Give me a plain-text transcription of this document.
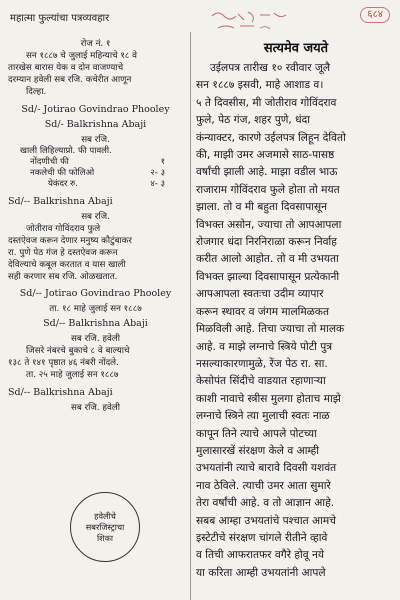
महात्मा फुल्यांचा पत्रव्यवहार	६८४
रोज नं. १
सन १८८७ चे जुलाई महिन्याचे १८ वे
तारखेस बारास येक व दोन वाजण्याचे
दरम्यान हवेली सब रजि. कचेरीत आणून
दिल्हा.
Sd/- Jotirao Govindrao Phooley
Sd/- Balkrishna Abaji
सब रजि.
खाली लिहिल्याप्रो. फी पावली.	
नोंदणीची फी	१
नकलेची फी फोलिओ	२- ३
येकंदर रु.	४- ३
Sd/-- Balkrishna Abaji
सब रजि.
जोतीराव गोविंदराव फुले
दस्तऐवज करून देणार मनुष्य कौटुंबाकर
रा. पुणे पेठ गंज हे दस्तऐवज करून
देविल्याचे कबूल करतात व यास खाली
सही करणार सब रजि. ओळखतात.
Sd/-- Jotirao Govindrao Phooley
ता. १८ माहे जुलाई सन १८८७
Sd/-- Balkrishna Abaji
सब रजि. हवेली
जिसरे नंबरचे बुकाचे ८ वे बाल्याचे
१३८ ते १४१ पृष्ठात ४६ नंबरी नोंदले.
ता. २५ माहे जुलाई सन १८८७
Sd/-- Balkrishna Abaji
सब रजि. हवेली
हवेलीचे
सबरजिस्ट्राचा
शिका
सत्यमेव जयते
उईलपत्र तारीख १० रवीवार जूलै
सन १८८७ इसवी, माहे आशाड व।
५ ते दिवसीस, मी जोतीराव गोविंदराव
फुले, पेठ गंज, शहर पुणे, धंदा
कंन्याक्टर, कारणे उईलपत्र लिहून देवितो
की, माझी उमर अजमासे साठ-पासष्ठ
वर्षांची झाली आहे. माझा वडील भाऊ
राजाराम गोविंदराव फुले होता तो मयत
झाला. तो व मी बहुता दिवसापासून
विभक्त असोन, ज्याचा तो आपआपला
रोजगार धंदा निरनिराळा करून निर्वाह
करीत आलो आहोत. तो व मी उभयता
विभक्त झाल्या दिवसापासून प्रत्येकानी
आपआपला स्वतःचा उदीम व्यापार
करून स्थावर व जंगम मालमिळकत
मिळविली आहे. तिचा ज्याचा तो मालक
आहे. व माझे लग्नाचे स्त्रिये पोटी पुत्र
नसल्याकारणामुळे, रेंज पेठ रा. सा.
केसोपंत सिंदीचे वाडयात रहाणाऱ्या
काशी नावाचे स्त्रीस मुलगा होताच माझे
लग्नाचे स्त्रिने त्या मुलाची स्वतः नाळ
कापून तिने त्याचे आपले पोटच्या
मुलासारखें संरक्षण केले व आम्ही
उभयतांनी त्याचे बारावे दिवसी यशवंत
नाव ठेविले. त्याची उमर आता सुमारे
तेरा वर्षांची आहे. व तो आज्ञान आहे.
सबब आम्हा उभयतांचे पश्चात आमचे
इस्टेटीचे संरक्षण चांगले रीतीने व्हावे
व तिची आफरातफर वगैरे होवू नये
या करिता आम्ही उभयतांनी आपले
